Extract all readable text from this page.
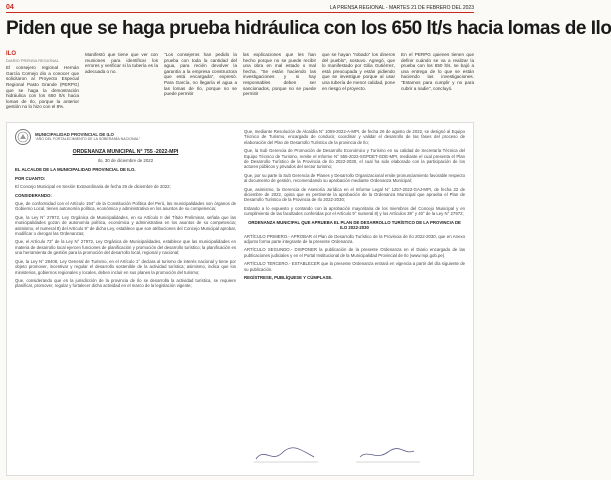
04	LA PRENSA REGIONAL - MARTES 21 DE FEBRERO DEL 2023
Piden que se haga prueba hidráulica con los 650 lt/s hacia lomas de Ilo
ILO
DIARIO PRENSA REGIONAL
El consejero regional Hernán García Cornejo dio a conocer que solicitaron al Proyecto Especial Regional Pasto Grande (PERPG) que se haga la demostración hidráulica con los 650 lt/s hacia lomas de Ilo, porque la anterior gestión no lo hizo con el 8%.
Manifestó que tiene que ver con reuniones para identificar los errores y verificar si la tubería es la adecuada o no.
"Los consejeros han pedido la prueba con toda la cantidad del agua, para recién devolver la garantía a la empresa constructora que está encargada", expresó. Para García, no llegaría el agua a las lomas de Ilo, porque no se puede permitir
las explicaciones que les han hecho porque no se puede recibir una obra en mal estado o mal hecha. "Se están haciendo las investigaciones y si hay responsables deben ser sancionados, porque no se puede permitir
que se hayan "robado" los dineros del pueblo", sostuvo. Agregó, que lo manifestado por Gilia Gutiérrez, está preocupada y están pidiendo que se investigue porque al usar una tubería de menor calidad, pone en riesgo el proyecto.
En el PERPG quienes tienen que definir cuándo se va a realizar la prueba con los 650 lt/s, se bajó a una entrega de lo que se están haciendo las investigaciones. "Estamos para cumplir y no para cubrir a nadie", concluyó.
MUNICIPALIDAD PROVINCIAL DE ILO
"AÑO DEL FORTALECIMIENTO DE LA SOBERANÍA NACIONAL"
ORDENANZA MUNICIPAL N° 755 -2022-MPI
Ilo, 30 de diciembre de 2022

EL ALCALDE DE LA MUNICIPALIDAD PROVINCIAL DE ILO.

POR CUANTO:

El Concejo Municipal en Sesión Extraordinaria de fecha 29 de diciembre de 2022;

CONSIDERANDO:

Que, de conformidad con el Artículo 194° de la Constitución Política del Perú, las municipalidades son órganos de Gobierno Local, tienen autonomía política, económica y administrativa en los asuntos de su competencia;

Que, la Ley N° 27972, Ley Orgánica de Municipalidades, en su Artículo II del Título Preliminar, señala que las municipalidades gozan de autonomía política, económica y administrativa en los asuntos de su competencia; asimismo, el numeral 8) del Artículo 9° de dicha Ley, establece que son atribuciones del Concejo Municipal aprobar, modificar o derogar las Ordenanzas;

Que, el Artículo 73° de la Ley N° 27972, Ley Orgánica de Municipalidades, establece que las municipalidades en materia de desarrollo local ejercen funciones de planificación y promoción del desarrollo turístico; la planificación es una herramienta de gestión para la promoción del desarrollo local, regional y nacional;

Que, la Ley N° 29408, Ley General de Turismo, en el Artículo 1° declara al turismo de interés nacional y tiene por objeto promover, incentivar y regular el desarrollo sostenible de la actividad turística; asimismo, indica que los ministerios, gobiernos regionales y locales, deben incluir en sus planes la promoción del turismo;

Que, considerando que en la jurisdicción de la provincia de Ilo se desarrolla la actividad turística, se requiere planificar, promover, regular y fortalecer dicha actividad en el marco de la legislación vigente;

Que, mediante Resolución de Alcaldía N° 1059-2022-A-MPI, de fecha 26 de agosto de 2022, se designó al Equipo Técnico de Turismo, encargado de conducir, coordinar y validar el desarrollo de las fases del proceso de elaboración del Plan de Desarrollo Turístico de la provincia de Ilo;

Que, la Sub Gerencia de Promoción de Desarrollo Económico y Turismo en su calidad de Secretaría Técnica del Equipo Técnico de Turismo, remite el Informe N° 555-2022-SGPDET-GDE-MPI, mediante el cual presenta el Plan de Desarrollo Turístico de la Provincia de Ilo 2022-2030, el cual ha sido elaborado con la participación de los actores públicos y privados del sector turismo;

Que, por su parte la Sub Gerencia de Planes y Desarrollo Organizacional emite pronunciamiento favorable respecto al documento de gestión, recomendando su aprobación mediante Ordenanza Municipal;

Que, asimismo, la Gerencia de Asesoría Jurídica en el Informe Legal N° 1257-2022-GAJ-MPI, de fecha 22 de diciembre de 2022, opina que es pertinente la aprobación de la Ordenanza Municipal que aprueba el Plan de Desarrollo Turístico de la Provincia de Ilo 2022-2030;

Estando a lo expuesto y contando con la aprobación mayoritaria de los miembros del Concejo Municipal y en cumplimiento de las facultades conferidas por el Artículo 9° numeral 8) y los Artículos 39° y 40° de la Ley N° 27972;

ORDENANZA MUNICIPAL QUE APRUEBA EL PLAN DE DESARROLLO TURÍSTICO DE LA PROVINCIA DE ILO 2022-2030

ARTÍCULO PRIMERO.- APROBAR el Plan de Desarrollo Turístico de la Provincia de Ilo 2022-2030, que en Anexo adjunto forma parte integrante de la presente Ordenanza.

ARTÍCULO SEGUNDO.- DISPONER la publicación de la presente Ordenanza en el Diario encargado de las publicaciones judiciales y en el Portal Institucional de la Municipalidad Provincial de Ilo (www.mpi.gob.pe).

ARTÍCULO TERCERO.- ESTABLECER que la presente Ordenanza entrará en vigencia a partir del día siguiente de su publicación.

REGÍSTRESE, PUBLÍQUESE Y CÚMPLASE.
